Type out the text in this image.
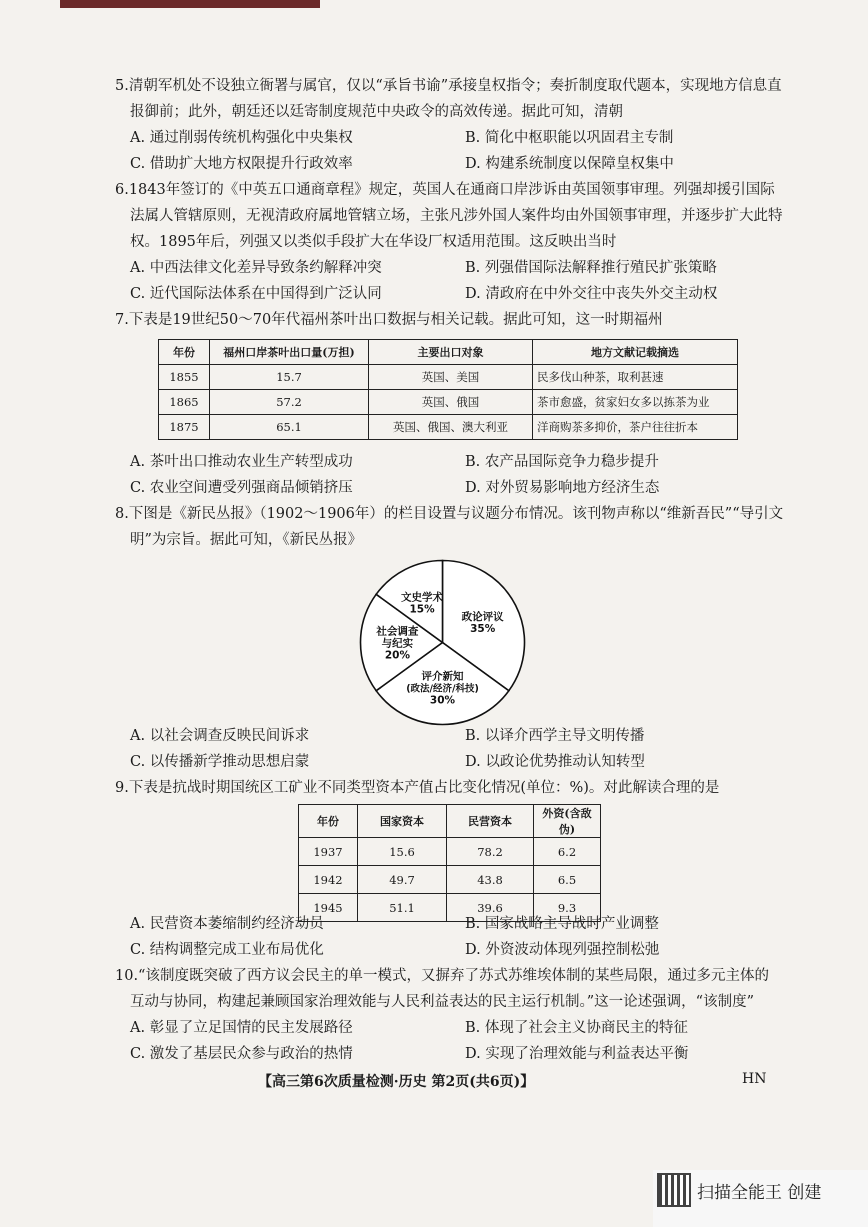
5.清朝军机处不设独立衙署与属官，仅以“承旨书谕”承接皇权指令；奏折制度取代题本，实现地方信息直
报御前；此外，朝廷还以廷寄制度规范中央政令的高效传递。据此可知，清朝
A. 通过削弱传统机构强化中央集权	B. 简化中枢职能以巩固君主专制
C. 借助扩大地方权限提升行政效率	D. 构建系统制度以保障皇权集中
6.1843年签订的《中英五口通商章程》规定，英国人在通商口岸涉诉由英国领事审理。列强却援引国际
法属人管辖原则，无视清政府属地管辖立场，主张凡涉外国人案件均由外国领事审理，并逐步扩大此特
权。1895年后，列强又以类似手段扩大在华设厂权适用范围。这反映出当时
A. 中西法律文化差异导致条约解释冲突	B. 列强借国际法解释推行殖民扩张策略
C. 近代国际法体系在中国得到广泛认同	D. 清政府在中外交往中丧失外交主动权
7.下表是19世纪50～70年代福州茶叶出口数据与相关记载。据此可知，这一时期福州
年份	福州口岸茶叶出口量(万担)	主要出口对象	地方文献记载摘选
1855	15.7	英国、美国	民多伐山种茶，取利甚速
1865	57.2	英国、俄国	茶市愈盛，贫家妇女多以拣茶为业
1875	65.1	英国、俄国、澳大利亚	洋商购茶多抑价，茶户往往折本
A. 茶叶出口推动农业生产转型成功	B. 农产品国际竞争力稳步提升
C. 农业空间遭受列强商品倾销挤压	D. 对外贸易影响地方经济生态
8.下图是《新民丛报》（1902～1906年）的栏目设置与议题分布情况。该刊物声称以“维新吾民”“导引文
明”为宗旨。据此可知，《新民丛报》
政论评议
35%
评介新知
(政法/经济/科技)
30%
社会调查
与纪实
20%
文史学术
15%
A. 以社会调查反映民间诉求	B. 以译介西学主导文明传播
C. 以传播新学推动思想启蒙	D. 以政论优势推动认知转型
9.下表是抗战时期国统区工矿业不同类型资本产值占比变化情况(单位：%)。对此解读合理的是
年份	国家资本	民营资本	外资(含敌伪)
1937	15.6	78.2	6.2
1942	49.7	43.8	6.5
1945	51.1	39.6	9.3
A. 民营资本萎缩制约经济动员	B. 国家战略主导战时产业调整
C. 结构调整完成工业布局优化	D. 外资波动体现列强控制松弛
10.“该制度既突破了西方议会民主的单一模式，又摒弃了苏式苏维埃体制的某些局限，通过多元主体的
互动与协同，构建起兼顾国家治理效能与人民利益表达的民主运行机制。”这一论述强调，“该制度”
A. 彰显了立足国情的民主发展路径	B. 体现了社会主义协商民主的特征
C. 激发了基层民众参与政治的热情	D. 实现了治理效能与利益表达平衡
【高三第6次质量检测·历史 第2页(共6页)】	HN
扫描全能王 创建
